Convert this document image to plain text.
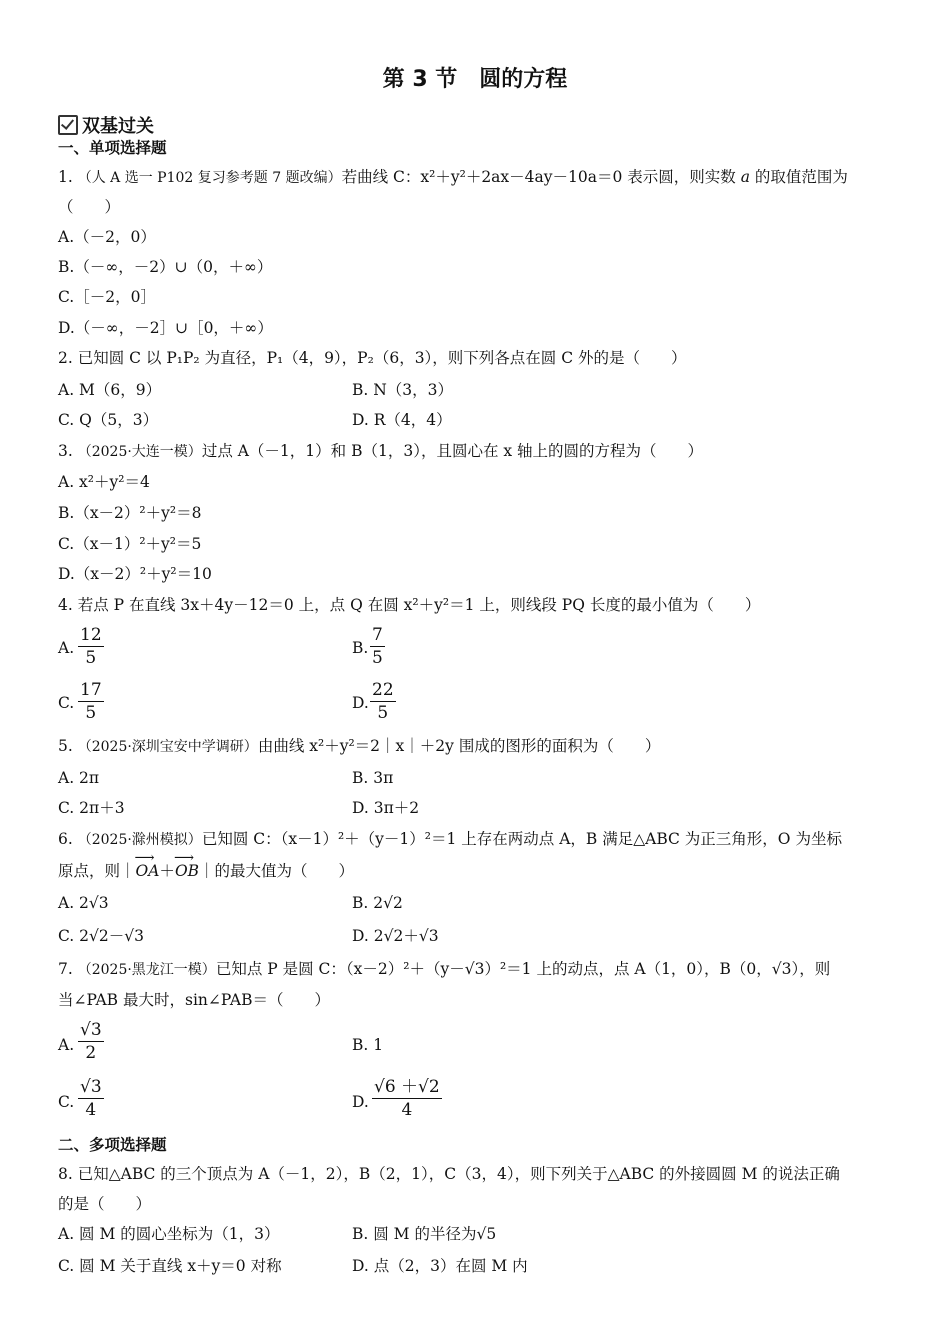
第 3 节　圆的方程
双基过关
一、单项选择题
1. （人 A 选一 P102 复习参考题 7 题改编）若曲线 C：x²＋y²＋2ax－4ay－10a＝0 表示圆，则实数 a 的取值范围为
（　　）
A.（－2，0）
B.（－∞，－2）∪（0，＋∞）
C.［－2，0］
D.（－∞，－2］∪［0，＋∞）
2. 已知圆 C 以 P₁P₂ 为直径，P₁（4，9），P₂（6，3），则下列各点在圆 C 外的是（　　）
A. M（6，9）	B. N（3，3）
C. Q（5，3）	D. R（4，4）
3. （2025·大连一模）过点 A（－1，1）和 B（1，3），且圆心在 x 轴上的圆的方程为（　　）
A. x²＋y²＝4
B.（x－2）²＋y²＝8
C.（x－1）²＋y²＝5
D.（x－2）²＋y²＝10
4. 若点 P 在直线 3x＋4y－12＝0 上，点 Q 在圆 x²＋y²＝1 上，则线段 PQ 长度的最小值为（　　）
A. $\frac{12}{5}$	B. $\frac{7}{5}$
C. $\frac{17}{5}$	D. $\frac{22}{5}$
5. （2025·深圳宝安中学调研）由曲线 x²＋y²＝2｜x｜＋2y 围成的图形的面积为（　　）
A. 2π	B. 3π
C. 2π＋3	D. 3π＋2
6. （2025·滁州模拟）已知圆 C：（x－1）²＋（y－1）²＝1 上存在两动点 A，B 满足△ABC 为正三角形，O 为坐标
原点，则｜⟶ OA＋⟶ OB｜的最大值为（　　）
A. 2√3	B. 2√2
C. 2√2－√3	D. 2√2＋√3
7. （2025·黑龙江一模）已知点 P 是圆 C：（x－2）²＋（y－√3）²＝1 上的动点，点 A（1，0），B（0，√3），则
当∠PAB 最大时，sin∠PAB＝（　　）
A. $\frac{√3}{2}$	B. 1
C. $\frac{√3}{4}$	D. $\frac{√6 +√2}{4}$
二、多项选择题
8. 已知△ABC 的三个顶点为 A（－1，2），B（2，1），C（3，4），则下列关于△ABC 的外接圆圆 M 的说法正确
的是（　　）
A. 圆 M 的圆心坐标为（1，3）	B. 圆 M 的半径为√5
C. 圆 M 关于直线 x＋y＝0 对称	D. 点（2，3）在圆 M 内
